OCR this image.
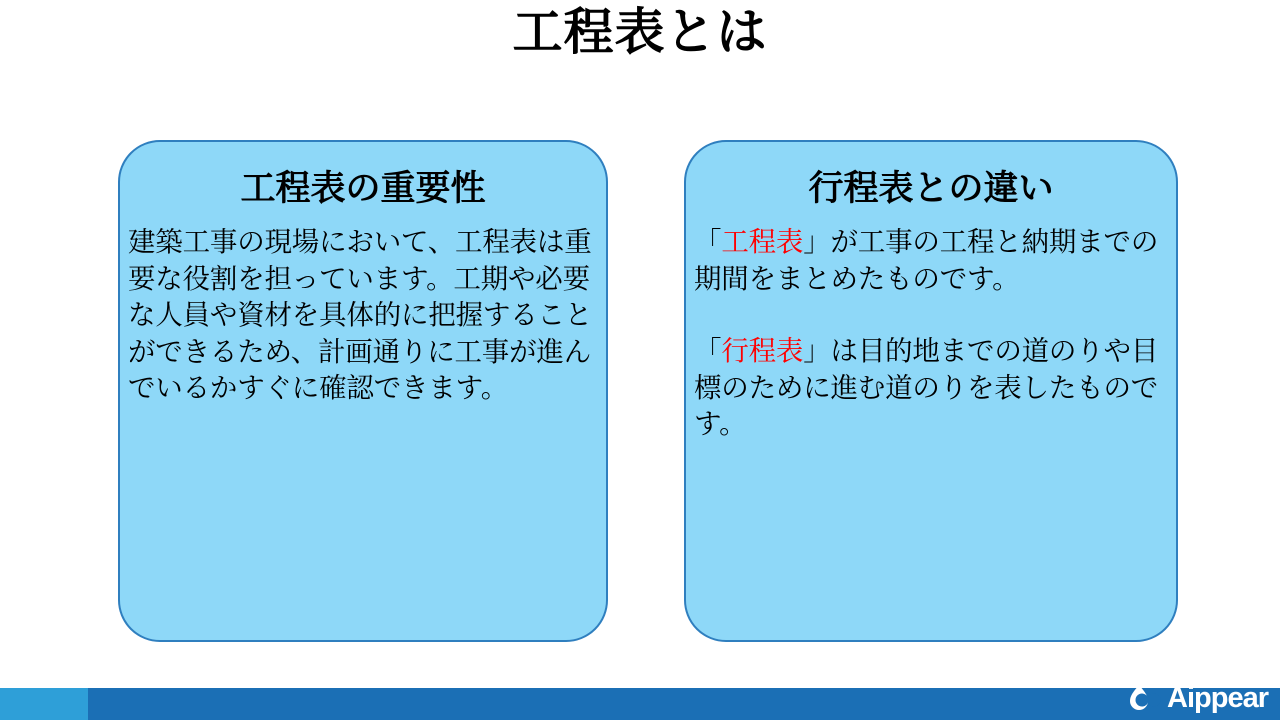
工程表とは
工程表の重要性

建築工事の現場において、工程表は重要な役割を担っています。工期や必要な人員や資材を具体的に把握することができるため、計画通りに工事が進んでいるかすぐに確認できます。

行程表との違い

「工程表」が工事の工程と納期までの期間をまとめたものです。

「行程表」は目的地までの道のりや目標のために進む道のりを表したものです。

Aippear
